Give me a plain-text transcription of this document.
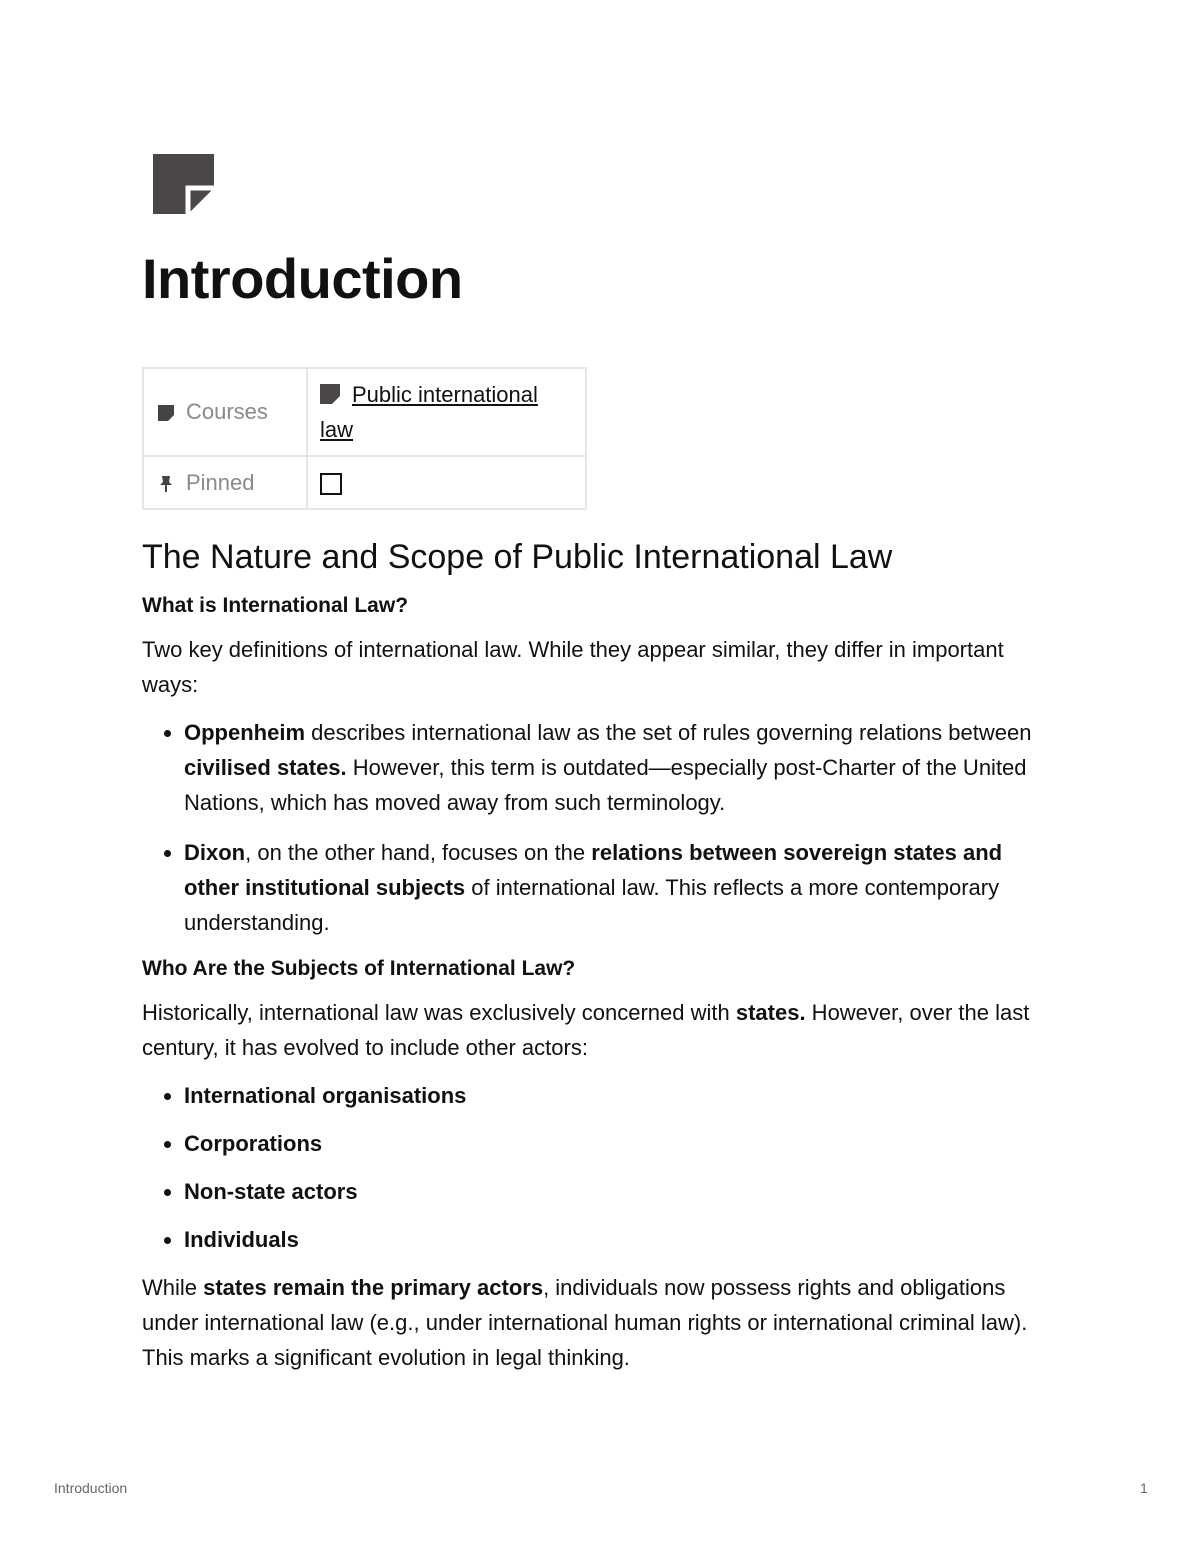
Introduction
Courses	Public international law
Pinned	
The Nature and Scope of Public International Law
What is International Law?

Two key definitions of international law. While they appear similar, they differ in important ways:

• Oppenheim describes international law as the set of rules governing relations between civilised states. However, this term is outdated—especially post-Charter of the United Nations, which has moved away from such terminology.
• Dixon, on the other hand, focuses on the relations between sovereign states and other institutional subjects of international law. This reflects a more contemporary understanding.
Who Are the Subjects of International Law?

Historically, international law was exclusively concerned with states. However, over the last century, it has evolved to include other actors:

• International organisations
• Corporations
• Non-state actors
• Individuals

While states remain the primary actors, individuals now possess rights and obligations under international law (e.g., under international human rights or international criminal law). This marks a significant evolution in legal thinking.

Introduction	1
